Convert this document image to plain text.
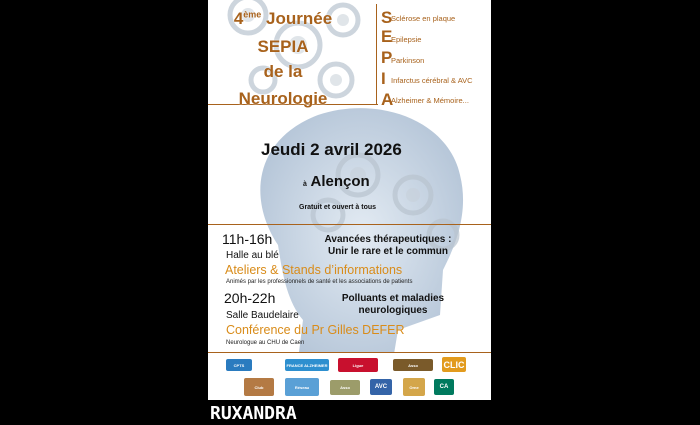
4ème Journée
SEPIA
de la
Neurologie
S
Sclérose en plaque
E
Epilepsie
P
Parkinson
I Infarctus cérébral & AVC
A
Alzheimer & Mémoire...
Jeudi 2 avril 2026
à Alençon
Gratuit et ouvert à tous
11h-16h
Halle au blé
Ateliers & Stands d’informations
Animés par les professionnels de santé et les associations de patients
Avancées thérapeutiques :
Unir le rare et le commun
20h-22h
Salle Baudelaire
Conférence du Pr Gilles DEFER
Neurologue au CHU de Caen
Polluants et maladies
neurologiques
CPTS	FRANCE ALZHEIMER	Ligue	Asso	CLIC
Club	Réseau	Asso	AVC	Orne	CA
RUXANDRA
